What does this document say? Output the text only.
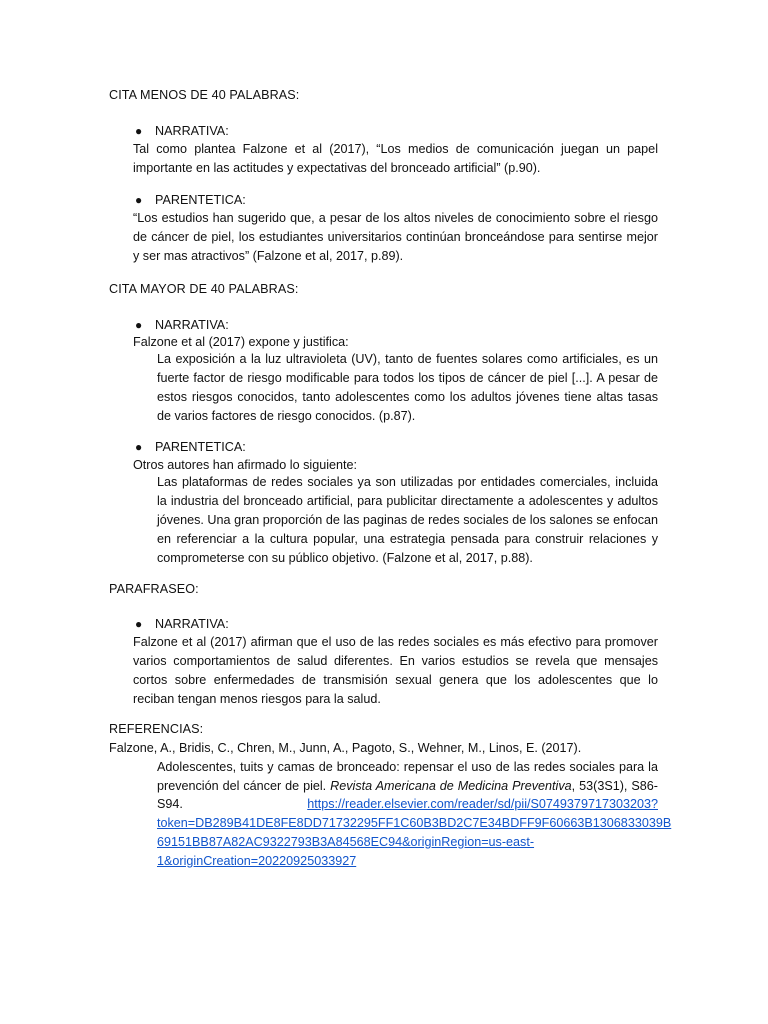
CITA MENOS DE 40 PALABRAS:
● NARRATIVA:
Tal como plantea Falzone et al (2017), “Los medios de comunicación juegan un papel importante en las actitudes y expectativas del bronceado artificial” (p.90).
● PARENTETICA:
“Los estudios han sugerido que, a pesar de los altos niveles de conocimiento sobre el riesgo de cáncer de piel, los estudiantes universitarios continúan bronceándose para sentirse mejor y ser mas atractivos” (Falzone et al, 2017, p.89).
CITA MAYOR DE 40 PALABRAS:
● NARRATIVA:
Falzone et al (2017) expone y justifica:
La exposición a la luz ultravioleta (UV), tanto de fuentes solares como artificiales, es un fuerte factor de riesgo modificable para todos los tipos de cáncer de piel [...]. A pesar de estos riesgos conocidos, tanto adolescentes como los adultos jóvenes tiene altas tasas de varios factores de riesgo conocidos. (p.87).
● PARENTETICA:
Otros autores han afirmado lo siguiente:
Las plataformas de redes sociales ya son utilizadas por entidades comerciales, incluida la industria del bronceado artificial, para publicitar directamente a adolescentes y adultos jóvenes. Una gran proporción de las paginas de redes sociales de los salones se enfocan en referenciar a la cultura popular, una estrategia pensada para construir relaciones y comprometerse con su público objetivo. (Falzone et al, 2017, p.88).
PARAFRASEO:
● NARRATIVA:
Falzone et al (2017) afirman que el uso de las redes sociales es más efectivo para promover varios comportamientos de salud diferentes. En varios estudios se revela que mensajes cortos sobre enfermedades de transmisión sexual genera que los adolescentes que lo reciban tengan menos riesgos para la salud.
REFERENCIAS:
Falzone, A., Bridis, C., Chren, M., Junn, A., Pagoto, S., Wehner, M., Linos, E. (2017).
Adolescentes, tuits y camas de bronceado: repensar el uso de las redes sociales para la prevención del cáncer de piel. Revista Americana de Medicina Preventiva, 53(3S1), S86-S94.	https://reader.elsevier.com/reader/sd/pii/S0749379717303203?

token=DB289B41DE8FE8DD71732295FF1C60B3BD2C7E34BDFF9F60663B1306833039B
69151BB87A82AC9322793B3A84568EC94&originRegion=us-east-
1&originCreation=20220925033927
